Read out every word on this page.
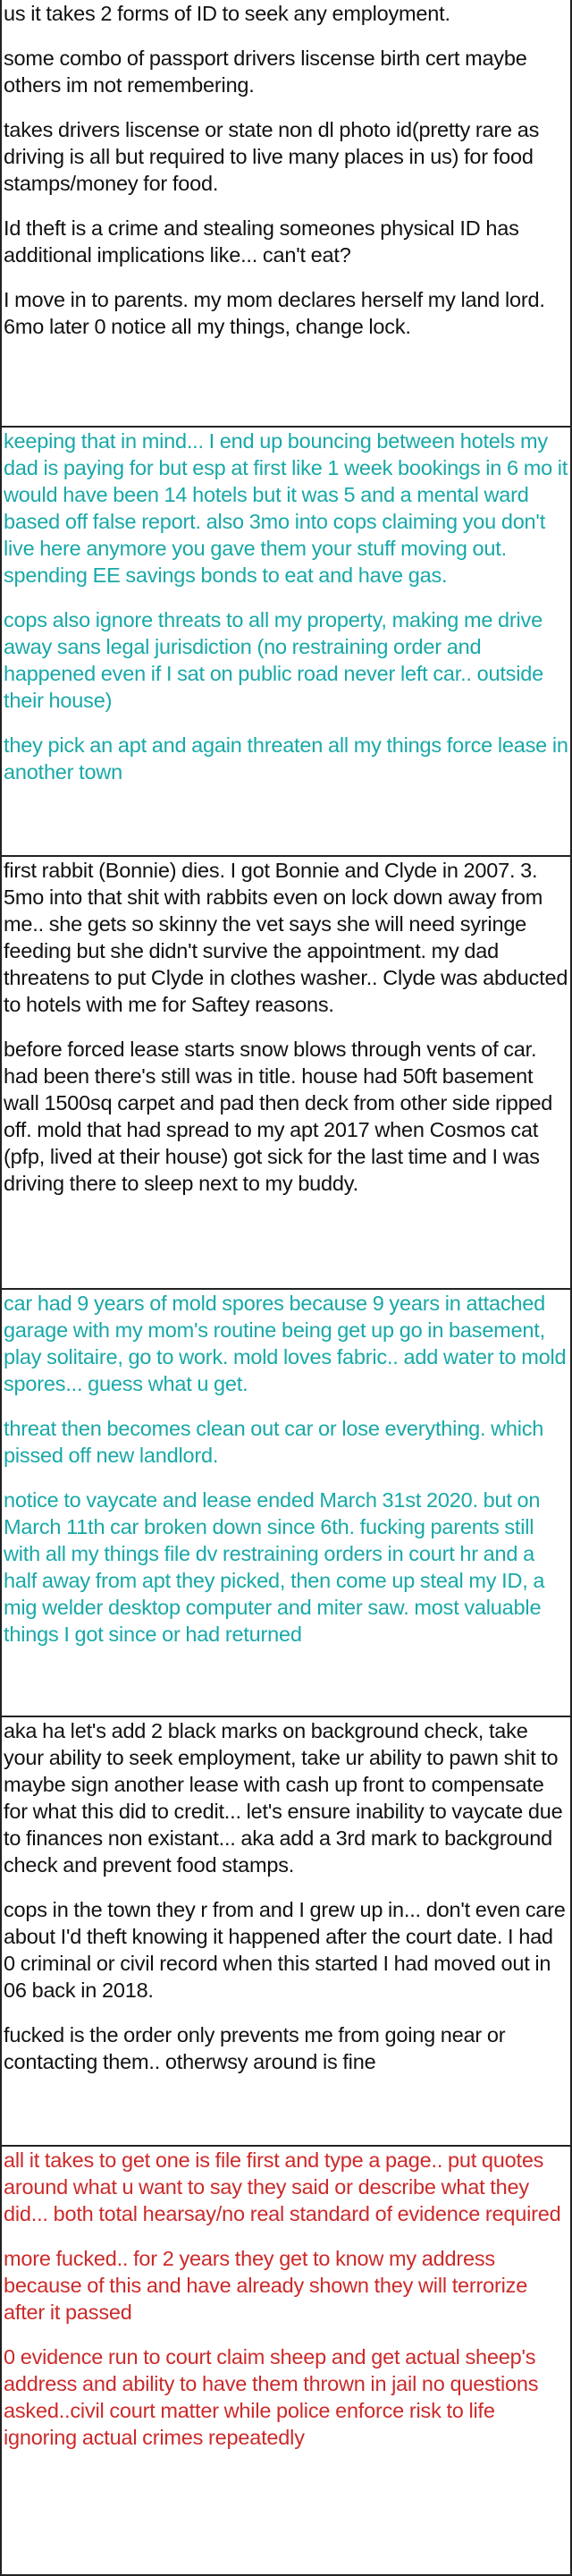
us it takes 2 forms of ID to seek any employment.

some combo of passport drivers liscense birth cert maybe others im not remembering.

takes drivers liscense or state non dl photo id(pretty rare as driving is all but required to live many places in us) for food stamps/money for food.

Id theft is a crime and stealing someones physical ID has additional implications like... can't eat?

I move in to parents. my mom declares herself my land lord. 6mo later 0 notice all my things, change lock.

keeping that in mind... I end up bouncing between hotels my dad is paying for but esp at first like 1 week bookings in 6 mo it would have been 14 hotels but it was 5 and a mental ward based off false report. also 3mo into cops claiming you don't live here anymore you gave them your stuff moving out. spending EE savings bonds to eat and have gas.

cops also ignore threats to all my property, making me drive away sans legal jurisdiction (no restraining order and happened even if I sat on public road never left car.. outside their house)

they pick an apt and again threaten all my things force lease in another town

first rabbit (Bonnie) dies. I got Bonnie and Clyde in 2007. 3. 5mo into that shit with rabbits even on lock down away from me.. she gets so skinny the vet says she will need syringe feeding but she didn't survive the appointment. my dad threatens to put Clyde in clothes washer.. Clyde was abducted to hotels with me for Saftey reasons.

before forced lease starts snow blows through vents of car. had been there's still was in title. house had 50ft basement wall 1500sq carpet and pad then deck from other side ripped off. mold that had spread to my apt 2017 when Cosmos cat (pfp, lived at their house) got sick for the last time and I was driving there to sleep next to my buddy.

car had 9 years of mold spores because 9 years in attached garage with my mom's routine being get up go in basement, play solitaire, go to work. mold loves fabric.. add water to mold spores... guess what u get.

threat then becomes clean out car or lose everything. which pissed off new landlord.

notice to vaycate and lease ended March 31st 2020. but on March 11th car broken down since 6th. fucking parents still with all my things file dv restraining orders in court hr and a half away from apt they picked, then come up steal my ID, a mig welder desktop computer and miter saw. most valuable things I got since or had returned

aka ha let's add 2 black marks on background check, take your ability to seek employment, take ur ability to pawn shit to maybe sign another lease with cash up front to compensate for what this did to credit... let's ensure inability to vaycate due to finances non existant... aka add a 3rd mark to background check and prevent food stamps.

cops in the town they r from and I grew up in... don't even care about I'd theft knowing it happened after the court date. I had 0 criminal or civil record when this started I had moved out in 06 back in 2018.

fucked is the order only prevents me from going near or contacting them.. otherwsy around is fine

all it takes to get one is file first and type a page.. put quotes around what u want to say they said or describe what they did... both total hearsay/no real standard of evidence required

more fucked.. for 2 years they get to know my address because of this and have already shown they will terrorize after it passed

0 evidence run to court claim sheep and get actual sheep's address and ability to have them thrown in jail no questions asked..civil court matter while police enforce risk to life ignoring actual crimes repeatedly
